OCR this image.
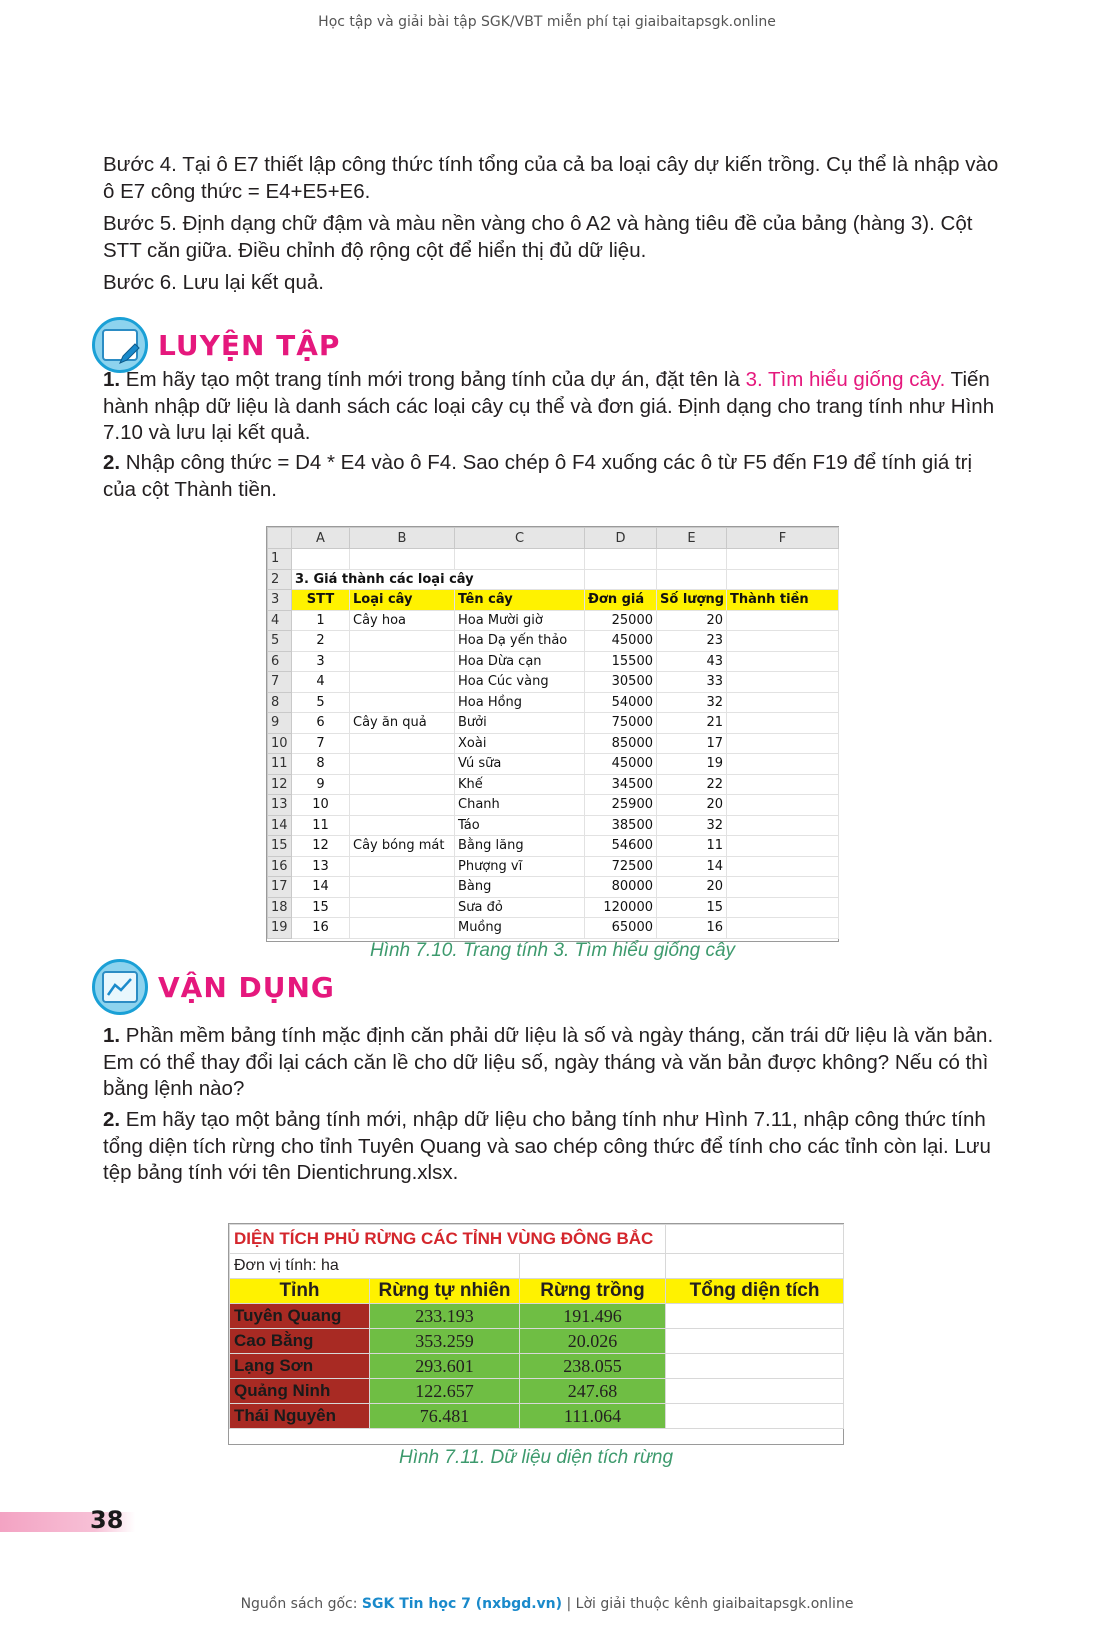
Học tập và giải bài tập SGK/VBT miễn phí tại giaibaitapsgk.online
Bước 4. Tại ô E7 thiết lập công thức tính tổng của cả ba loại cây dự kiến trồng. Cụ thể là nhập vào ô E7 công thức = E4+E5+E6.
Bước 5. Định dạng chữ đậm và màu nền vàng cho ô A2 và hàng tiêu đề của bảng (hàng 3). Cột STT căn giữa. Điều chỉnh độ rộng cột để hiển thị đủ dữ liệu.
Bước 6. Lưu lại kết quả.
LUYỆN TẬP
1. Em hãy tạo một trang tính mới trong bảng tính của dự án, đặt tên là 3. Tìm hiểu giống cây. Tiến hành nhập dữ liệu là danh sách các loại cây cụ thể và đơn giá. Định dạng cho trang tính như Hình 7.10 và lưu lại kết quả.
2. Nhập công thức = D4 * E4 vào ô F4. Sao chép ô F4 xuống các ô từ F5 đến F19 để tính giá trị của cột Thành tiền.
	A	B	C	D	E	F
1						
2	3. Giá thành các loại cây					
3	STT	Loại cây	Tên cây	Đơn giá	Số lượng	Thành tiền
4	1	Cây hoa	Hoa Mười giờ	25000	20	
5	2		Hoa Dạ yến thảo	45000	23	
6	3		Hoa Dừa cạn	15500	43	
7	4		Hoa Cúc vàng	30500	33	
8	5		Hoa Hồng	54000	32	
9	6	Cây ăn quả	Bưởi	75000	21	
10	7		Xoài	85000	17	
11	8		Vú sữa	45000	19	
12	9		Khế	34500	22	
13	10		Chanh	25900	20	
14	11		Táo	38500	32	
15	12	Cây bóng mát	Bằng lăng	54600	11	
16	13		Phượng vĩ	72500	14	
17	14		Bàng	80000	20	
18	15		Sưa đỏ	120000	15	
19	16		Muồng	65000	16	
Hình 7.10. Trang tính 3. Tìm hiểu giống cây
VẬN DỤNG
1. Phần mềm bảng tính mặc định căn phải dữ liệu là số và ngày tháng, căn trái dữ liệu là văn bản. Em có thể thay đổi lại cách căn lề cho dữ liệu số, ngày tháng và văn bản được không? Nếu có thì bằng lệnh nào?
2. Em hãy tạo một bảng tính mới, nhập dữ liệu cho bảng tính như Hình 7.11, nhập công thức tính tổng diện tích rừng cho tỉnh Tuyên Quang và sao chép công thức để tính cho các tỉnh còn lại. Lưu tệp bảng tính với tên Dientichrung.xlsx.
DIỆN TÍCH PHỦ RỪNG CÁC TỈNH VÙNG ĐÔNG BẮC			
Đơn vị tính: ha			
Tỉnh	Rừng tự nhiên	Rừng trồng	Tổng diện tích
Tuyên Quang	233.193	191.496	
Cao Bằng	353.259	20.026	
Lạng Sơn	293.601	238.055	
Quảng Ninh	122.657	247.68	
Thái Nguyên	76.481	111.064	
Hình 7.11. Dữ liệu diện tích rừng
38
Nguồn sách gốc: SGK Tin học 7 (nxbgd.vn) | Lời giải thuộc kênh giaibaitapsgk.online
